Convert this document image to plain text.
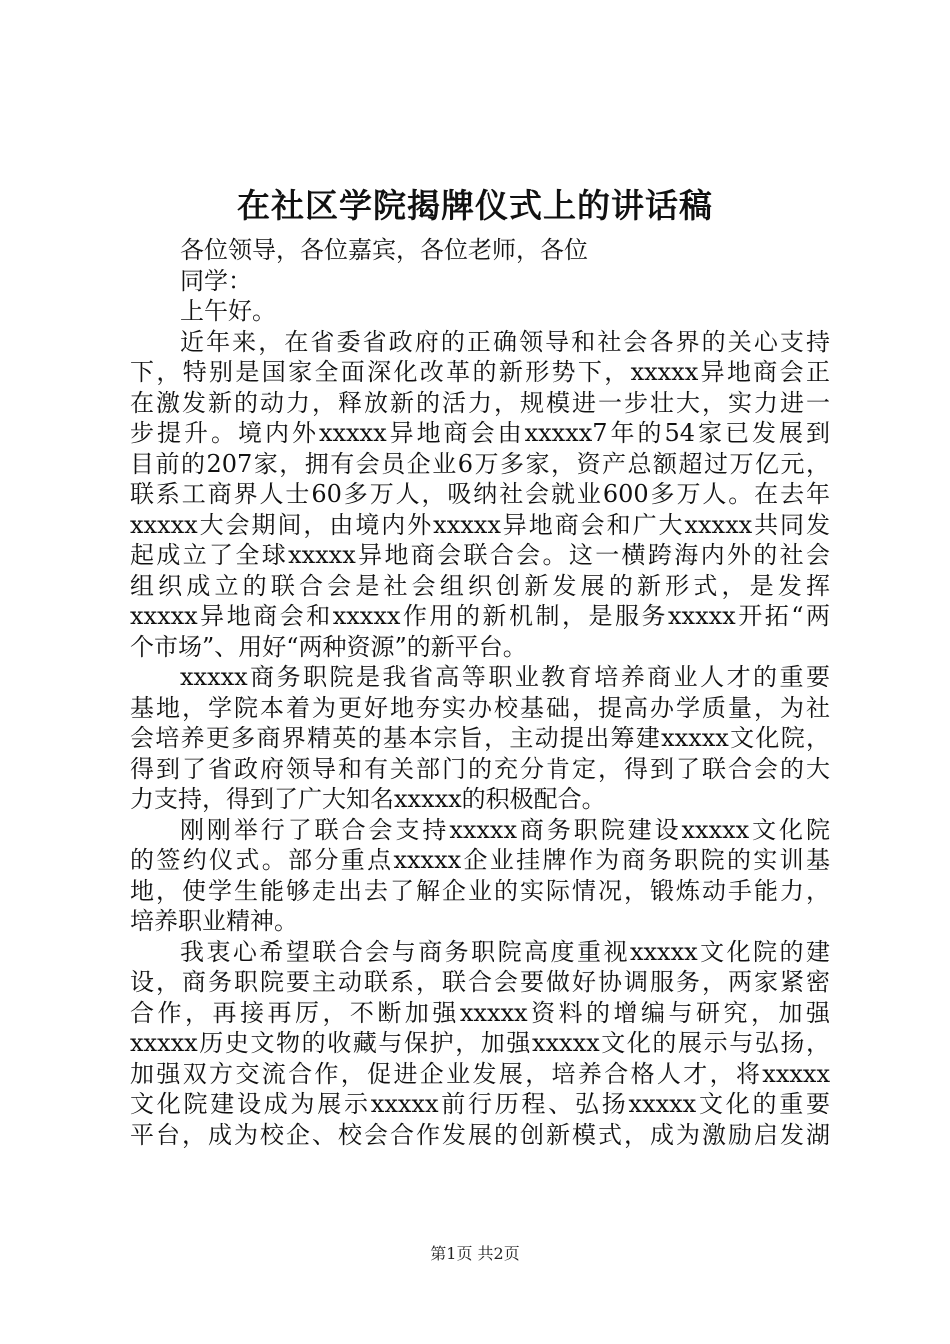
在社区学院揭牌仪式上的讲话稿
各位领导，各位嘉宾，各位老师，各位
同学：
上午好。
近年来，在省委省政府的正确领导和社会各界的关心支持
下，特别是国家全面深化改革的新形势下，xxxxx异地商会正
在激发新的动力，释放新的活力，规模进一步壮大，实力进一
步提升。境内外xxxxx异地商会由xxxxx7年的54家已发展到
目前的207家，拥有会员企业6万多家，资产总额超过万亿元，
联系工商界人士60多万人，吸纳社会就业600多万人。在去年
xxxxx大会期间，由境内外xxxxx异地商会和广大xxxxx共同发
起成立了全球xxxxx异地商会联合会。这一横跨海内外的社会
组织成立的联合会是社会组织创新发展的新形式，是发挥
xxxxx异地商会和xxxxx作用的新机制，是服务xxxxx开拓“两
个市场”、用好“两种资源”的新平台。
xxxxx商务职院是我省高等职业教育培养商业人才的重要
基地，学院本着为更好地夯实办校基础，提高办学质量，为社
会培养更多商界精英的基本宗旨，主动提出筹建xxxxx文化院，
得到了省政府领导和有关部门的充分肯定，得到了联合会的大
力支持，得到了广大知名xxxxx的积极配合。
刚刚举行了联合会支持xxxxx商务职院建设xxxxx文化院
的签约仪式。部分重点xxxxx企业挂牌作为商务职院的实训基
地，使学生能够走出去了解企业的实际情况，锻炼动手能力，
培养职业精神。
我衷心希望联合会与商务职院高度重视xxxxx文化院的建
设，商务职院要主动联系，联合会要做好协调服务，两家紧密
合作，再接再厉，不断加强xxxxx资料的增编与研究，加强
xxxxx历史文物的收藏与保护，加强xxxxx文化的展示与弘扬，
加强双方交流合作，促进企业发展，培养合格人才，将xxxxx
文化院建设成为展示xxxxx前行历程、弘扬xxxxx文化的重要
平台，成为校企、校会合作发展的创新模式，成为激励启发湖
第1页 共2页
